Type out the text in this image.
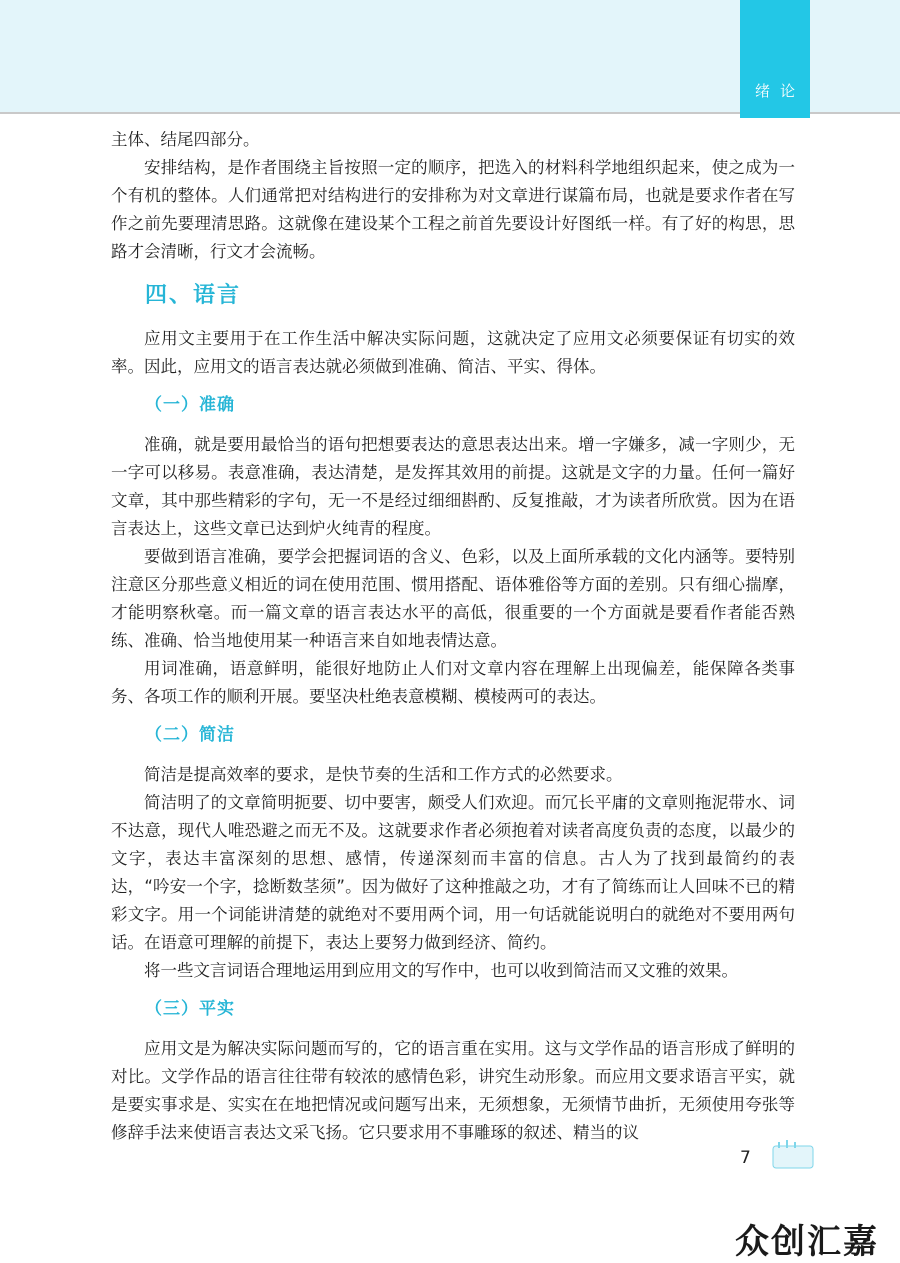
绪论

主体、结尾四部分。

安排结构，是作者围绕主旨按照一定的顺序，把选入的材料科学地组织起来，使之成为一个有机的整体。人们通常把对结构进行的安排称为对文章进行谋篇布局，也就是要求作者在写作之前先要理清思路。这就像在建设某个工程之前首先要设计好图纸一样。有了好的构思，思路才会清晰，行文才会流畅。

四、语言

应用文主要用于在工作生活中解决实际问题，这就决定了应用文必须要保证有切实的效率。因此，应用文的语言表达就必须做到准确、简洁、平实、得体。

（一）准确

准确，就是要用最恰当的语句把想要表达的意思表达出来。增一字嫌多，减一字则少，无一字可以移易。表意准确，表达清楚，是发挥其效用的前提。这就是文字的力量。任何一篇好文章，其中那些精彩的字句，无一不是经过细细斟酌、反复推敲，才为读者所欣赏。因为在语言表达上，这些文章已达到炉火纯青的程度。

要做到语言准确，要学会把握词语的含义、色彩，以及上面所承载的文化内涵等。要特别注意区分那些意义相近的词在使用范围、惯用搭配、语体雅俗等方面的差别。只有细心揣摩，才能明察秋毫。而一篇文章的语言表达水平的高低，很重要的一个方面就是要看作者能否熟练、准确、恰当地使用某一种语言来自如地表情达意。

用词准确，语意鲜明，能很好地防止人们对文章内容在理解上出现偏差，能保障各类事务、各项工作的顺利开展。要坚决杜绝表意模糊、模棱两可的表达。

（二）简洁

简洁是提高效率的要求，是快节奏的生活和工作方式的必然要求。

简洁明了的文章简明扼要、切中要害，颇受人们欢迎。而冗长平庸的文章则拖泥带水、词不达意，现代人唯恐避之而无不及。这就要求作者必须抱着对读者高度负责的态度，以最少的文字，表达丰富深刻的思想、感情，传递深刻而丰富的信息。古人为了找到最简约的表达，“吟安一个字，捻断数茎须”。因为做好了这种推敲之功，才有了简练而让人回味不已的精彩文字。用一个词能讲清楚的就绝对不要用两个词，用一句话就能说明白的就绝对不要用两句话。在语意可理解的前提下，表达上要努力做到经济、简约。

将一些文言词语合理地运用到应用文的写作中，也可以收到简洁而又文雅的效果。

（三）平实

应用文是为解决实际问题而写的，它的语言重在实用。这与文学作品的语言形成了鲜明的对比。文学作品的语言往往带有较浓的感情色彩，讲究生动形象。而应用文要求语言平实，就是要实事求是、实实在在地把情况或问题写出来，无须想象，无须情节曲折，无须使用夸张等修辞手法来使语言表达文采飞扬。它只要求用不事雕琢的叙述、精当的议

7
众创汇嘉
